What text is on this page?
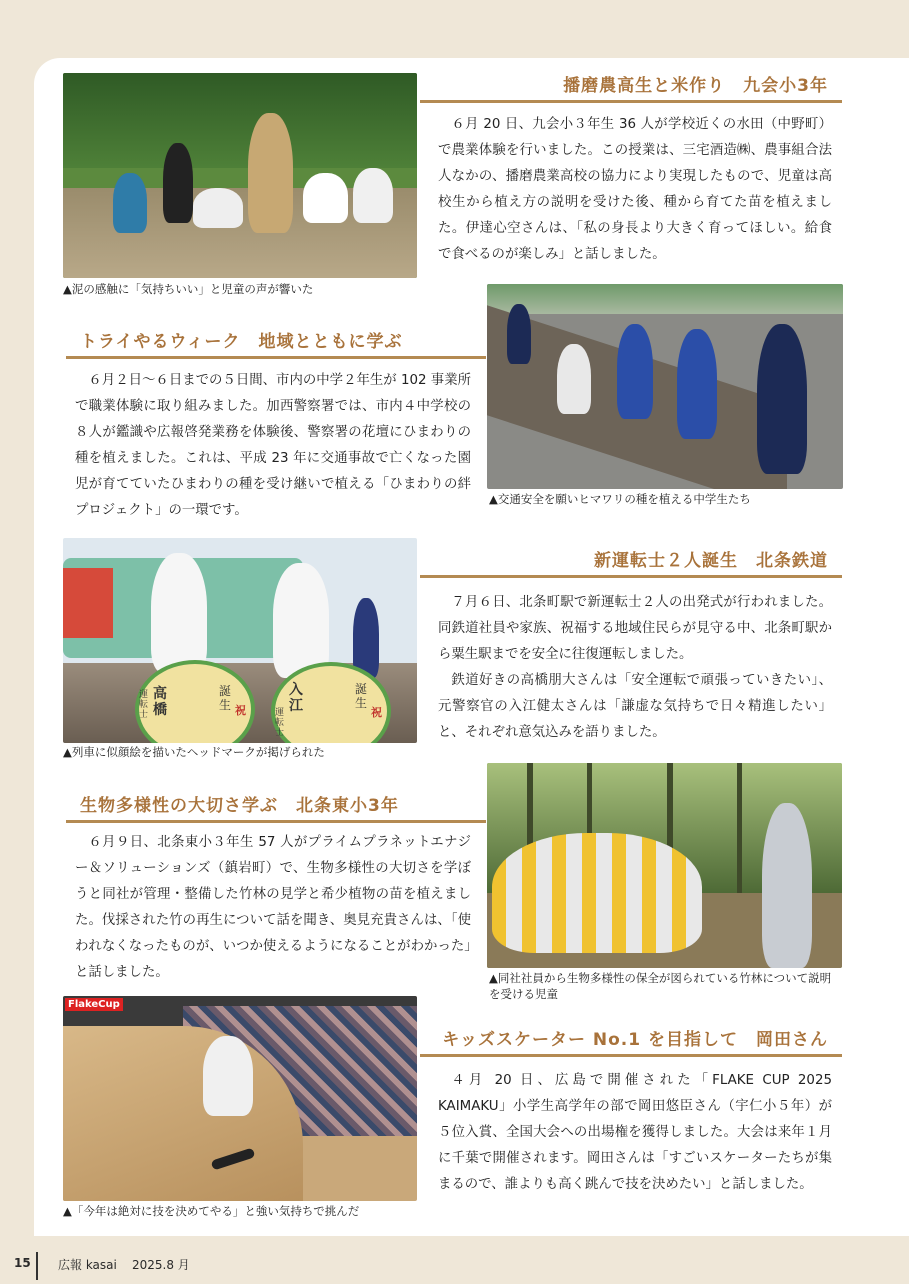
▲泥の感触に「気持ちいい」と児童の声が響いた
播磨農高生と米作り　九会小3年

６月 20 日、九会小３年生 36 人が学校近くの水田（中野町）で農業体験を行いました。この授業は、三宅酒造㈱、農事組合法人なかの、播磨農業高校の協力により実現したもので、児童は高校生から植え方の説明を受けた後、種から育てた苗を植えました。伊達心空さんは、「私の身長より大きく育ってほしい。給食で食べるのが楽しみ」と話しました。

▲交通安全を願いヒマワリの種を植える中学生たち
トライやるウィーク　地域とともに学ぶ

６月２日～６日までの５日間、市内の中学２年生が 102 事業所で職業体験に取り組みました。加西警察署では、市内４中学校の８人が鑑識や広報啓発業務を体験後、警察署の花壇にひまわりの種を植えました。これは、平成 23 年に交通事故で亡くなった園児が育てていたひまわりの種を受け継いで植える「ひまわりの絆プロジェクト」の一環です。

高橋
運転士
誕生 祝
入江
運転士
誕生
祝
▲列車に似顔絵を描いたヘッドマークが掲げられた
新運転士２人誕生　北条鉄道

７月６日、北条町駅で新運転士２人の出発式が行われました。同鉄道社員や家族、祝福する地域住民らが見守る中、北条町駅から粟生駅までを安全に往復運転しました。

鉄道好きの高橋朋大さんは「安全運転で頑張っていきたい」、元警察官の入江健太さんは「謙虚な気持ちで日々精進したい」と、それぞれ意気込みを語りました。

生物多様性の大切さ学ぶ　北条東小3年

６月９日、北条東小３年生 57 人がプライムプラネットエナジー＆ソリューションズ（鎮岩町）で、生物多様性の大切さを学ぼうと同社が管理・整備した竹林の見学と希少植物の苗を植えました。伐採された竹の再生について話を聞き、奥見充貴さんは、「使われなくなったものが、いつか使えるようになることがわかった」と話しました。	▲同社社員から生物多様性の保全が図られている竹林について説明を受ける児童
FlakeCup
▲「今年は絶対に技を決めてやる」と強い気持ちで挑んだ
キッズスケーター No.1 を目指して　岡田さん

４月 20 日、広島で開催された「FLAKE CUP 2025 KAIMAKU」小学生高学年の部で岡田悠臣さん（宇仁小５年）が５位入賞、全国大会への出場権を獲得しました。大会は来年１月に千葉で開催されます。岡田さんは「すごいスケーターたちが集まるので、誰よりも高く跳んで技を決めたい」と話しました。

15 広報 kasai 2025.8 月
